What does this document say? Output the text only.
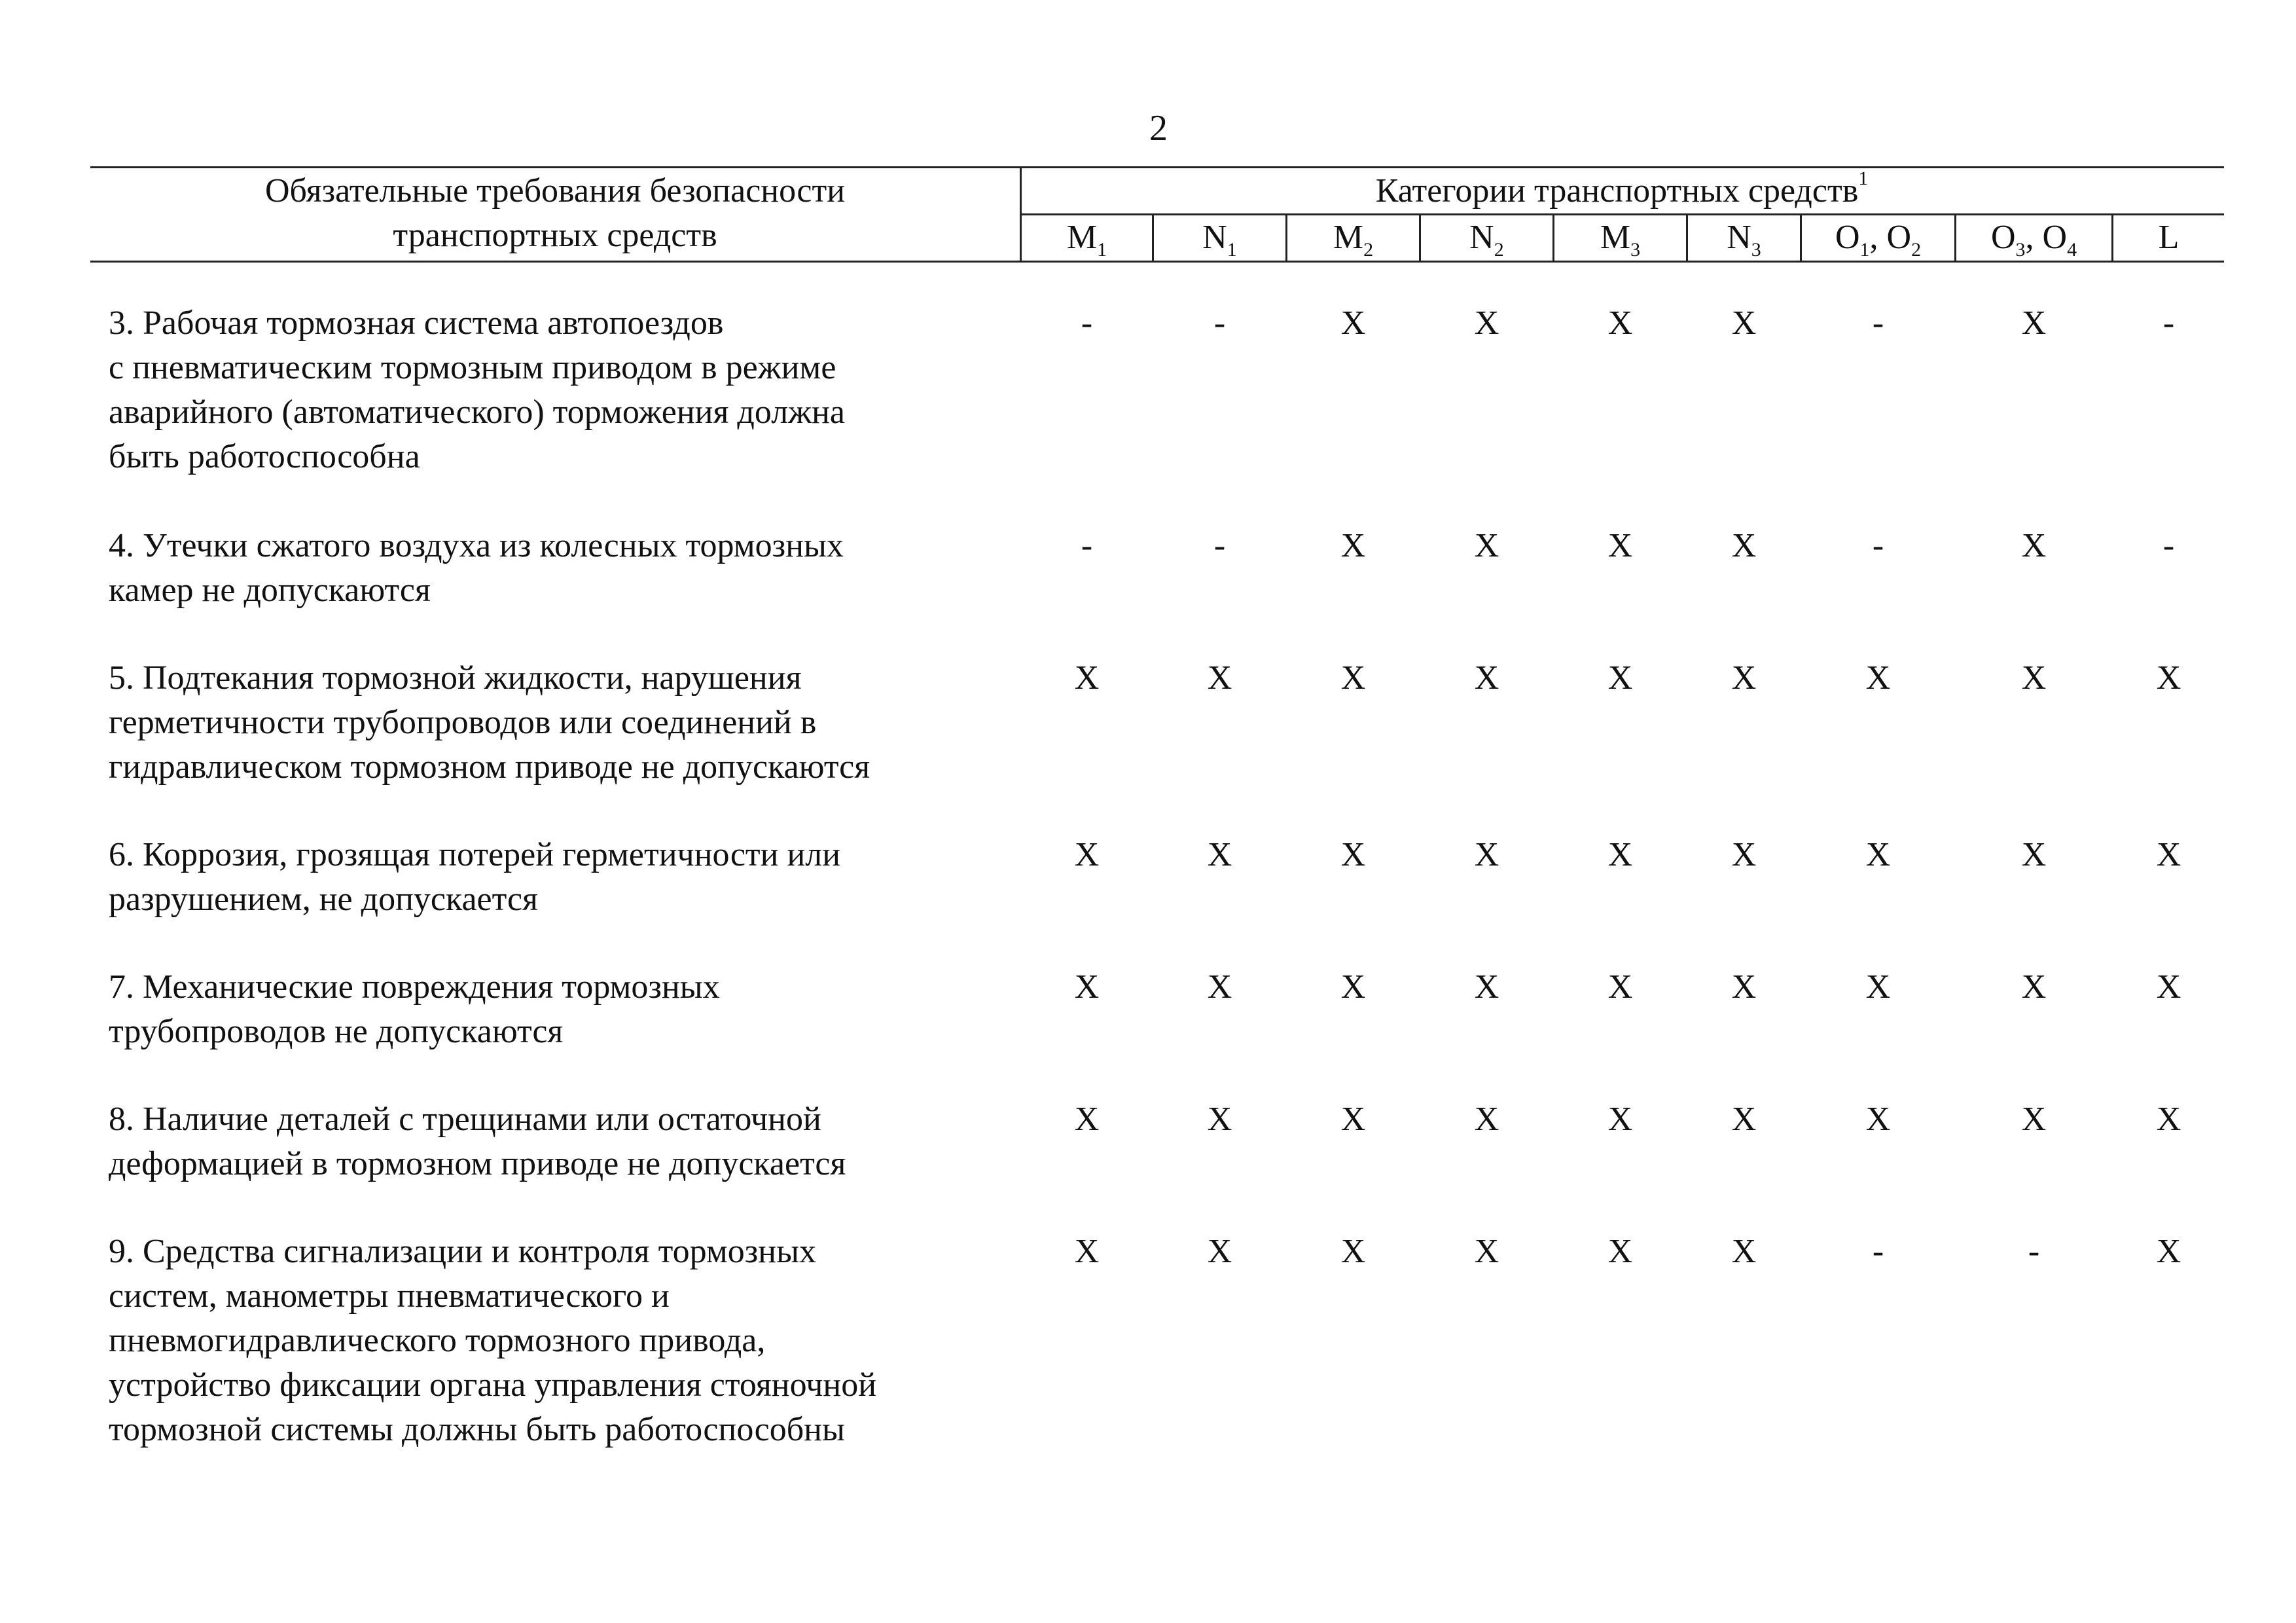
2
Обязательные требования безопасности
транспортных средств
Категории транспортных средств$^1$
$M_1$	$N_1$	$M_2$	$N_2$	$M_3$	$N_3$	$O_1$, $O_2$	$O_3$, $O_4$	L
3. Рабочая тормозная система автопоездов
с пневматическим тормозным приводом в режиме
аварийного (автоматического) торможения должна
быть работоспособна
-	-	X	X	X	X	-	X	-
4. Утечки сжатого воздуха из колесных тормозных
камер не допускаются
-	-	X	X	X	X	-	X	-
5. Подтекания тормозной жидкости, нарушения
герметичности трубопроводов или соединений в
гидравлическом тормозном приводе не допускаются
X	X	X	X	X	X	X	X	X
6. Коррозия, грозящая потерей герметичности или
разрушением, не допускается
X	X	X	X	X	X	X	X	X
7. Механические повреждения тормозных
трубопроводов не допускаются
X	X	X	X	X	X	X	X	X
8. Наличие деталей с трещинами или остаточной
деформацией в тормозном приводе не допускается
X	X	X	X	X	X	X	X	X
9. Средства сигнализации и контроля тормозных
систем, манометры пневматического и
пневмогидравлического тормозного привода,
устройство фиксации органа управления стояночной
тормозной системы должны быть работоспособны
X	X	X	X	X	X	-	-	X
